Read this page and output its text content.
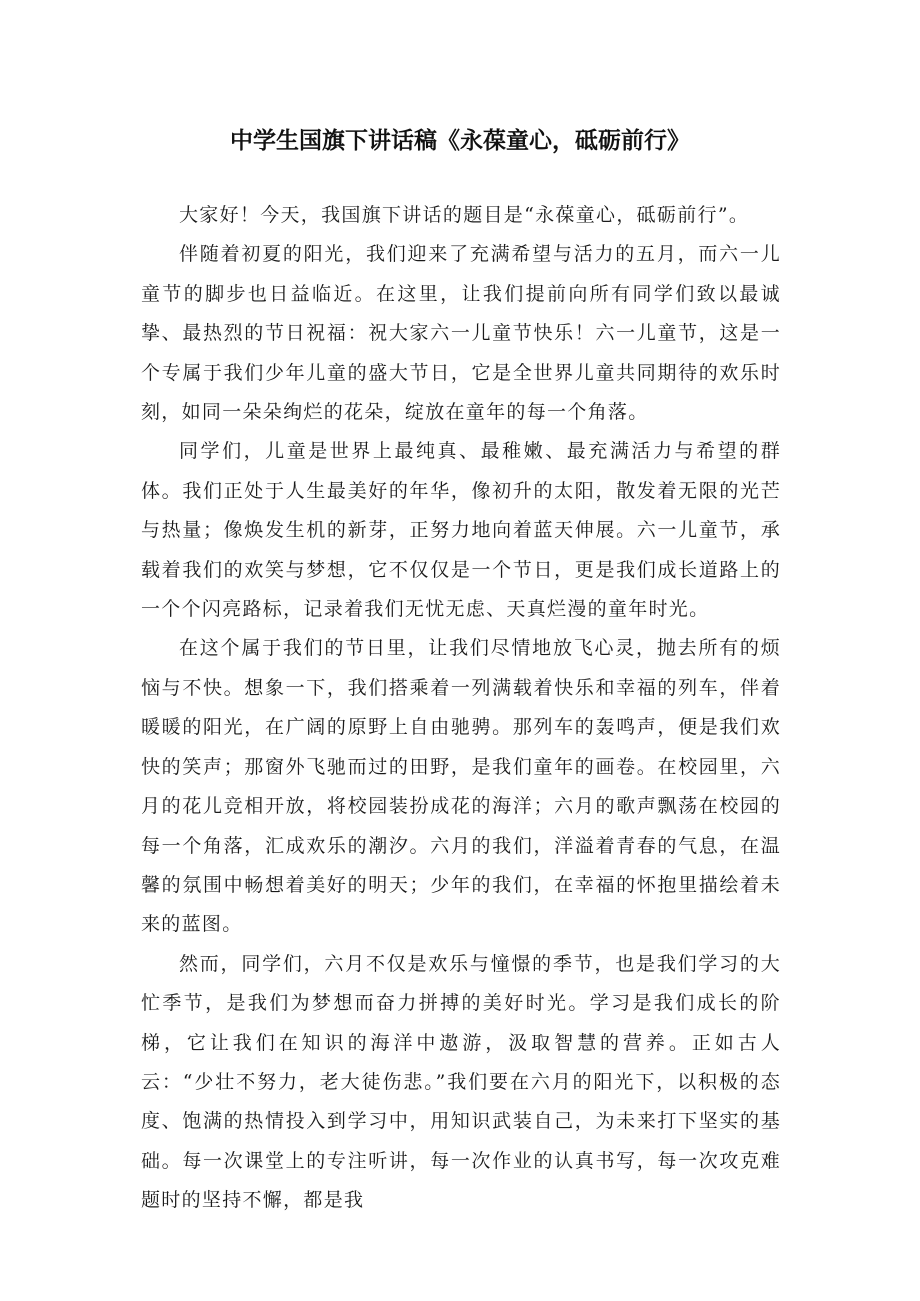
中学生国旗下讲话稿《永葆童心，砥砺前行》

大家好！今天，我国旗下讲话的题目是“永葆童心，砥砺前行”。

伴随着初夏的阳光，我们迎来了充满希望与活力的五月，而六一儿童节的脚步也日益临近。在这里，让我们提前向所有同学们致以最诚挚、最热烈的节日祝福：祝大家六一儿童节快乐！六一儿童节，这是一个专属于我们少年儿童的盛大节日，它是全世界儿童共同期待的欢乐时刻，如同一朵朵绚烂的花朵，绽放在童年的每一个角落。

同学们，儿童是世界上最纯真、最稚嫩、最充满活力与希望的群体。我们正处于人生最美好的年华，像初升的太阳，散发着无限的光芒与热量；像焕发生机的新芽，正努力地向着蓝天伸展。六一儿童节，承载着我们的欢笑与梦想，它不仅仅是一个节日，更是我们成长道路上的一个个闪亮路标，记录着我们无忧无虑、天真烂漫的童年时光。

在这个属于我们的节日里，让我们尽情地放飞心灵，抛去所有的烦恼与不快。想象一下，我们搭乘着一列满载着快乐和幸福的列车，伴着暖暖的阳光，在广阔的原野上自由驰骋。那列车的轰鸣声，便是我们欢快的笑声；那窗外飞驰而过的田野，是我们童年的画卷。在校园里，六月的花儿竞相开放，将校园装扮成花的海洋；六月的歌声飘荡在校园的每一个角落，汇成欢乐的潮汐。六月的我们，洋溢着青春的气息，在温馨的氛围中畅想着美好的明天；少年的我们，在幸福的怀抱里描绘着未来的蓝图。

然而，同学们，六月不仅是欢乐与憧憬的季节，也是我们学习的大忙季节，是我们为梦想而奋力拼搏的美好时光。学习是我们成长的阶梯，它让我们在知识的海洋中遨游，汲取智慧的营养。正如古人云：“少壮不努力，老大徒伤悲。”我们要在六月的阳光下，以积极的态度、饱满的热情投入到学习中，用知识武装自己，为未来打下坚实的基础。每一次课堂上的专注听讲，每一次作业的认真书写，每一次攻克难题时的坚持不懈，都是我
